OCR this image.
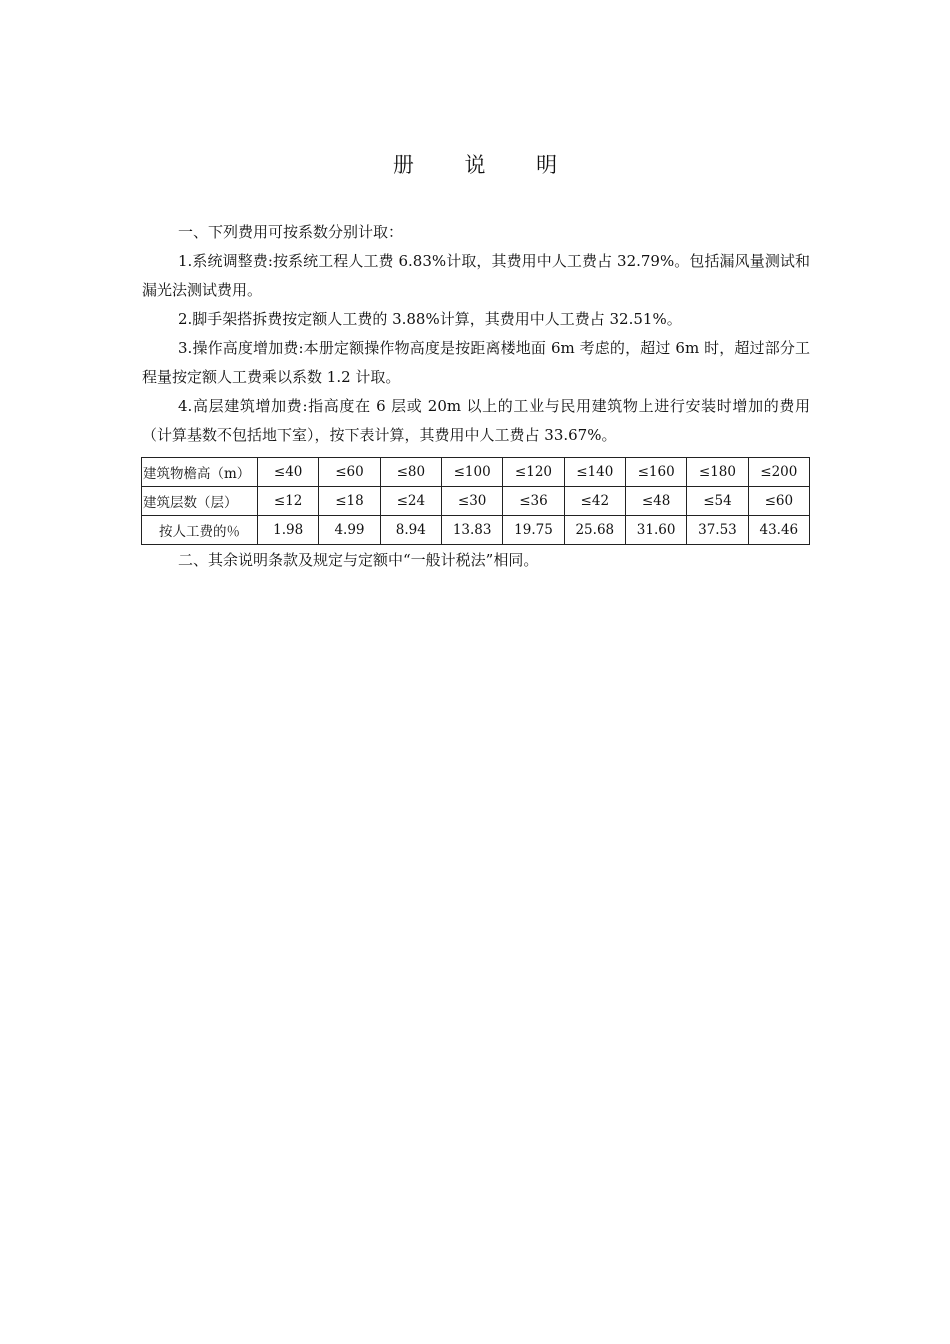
册 说 明

一、下列费用可按系数分别计取：

1.系统调整费:按系统工程人工费 6.83%计取，其费用中人工费占 32.79%。包括漏风量测试和漏光法测试费用。

2.脚手架搭拆费按定额人工费的 3.88%计算，其费用中人工费占 32.51%。

3.操作高度增加费:本册定额操作物高度是按距离楼地面 6m 考虑的，超过 6m 时，超过部分工程量按定额人工费乘以系数 1.2 计取。

4.高层建筑增加费:指高度在 6 层或 20m 以上的工业与民用建筑物上进行安装时增加的费用（计算基数不包括地下室），按下表计算，其费用中人工费占 33.67%。

建筑物檐高（m）	≤40	≤60	≤80	≤100	≤120	≤140	≤160	≤180	≤200
建筑层数（层）	≤12	≤18	≤24	≤30	≤36	≤42	≤48	≤54	≤60
按人工费的％	1.98	4.99	8.94	13.83	19.75	25.68	31.60	37.53	43.46

二、其余说明条款及规定与定额中“一般计税法”相同。
